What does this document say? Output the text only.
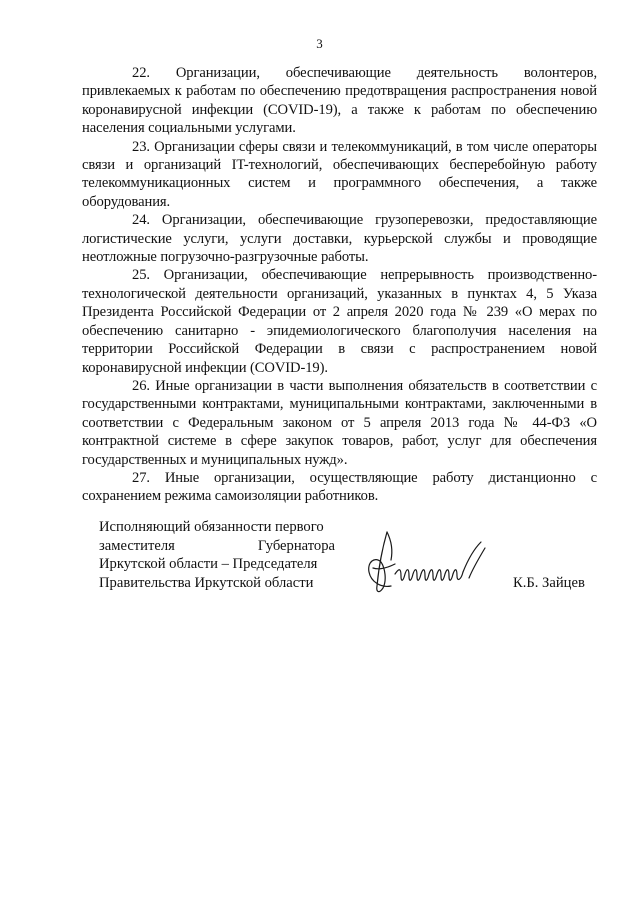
3

22. Организации, обеспечивающие деятельность волонтеров, привлекаемых к работам по обеспечению предотвращения распространения новой коронавирусной инфекции (COVID-19), а также к работам по обеспечению населения социальными услугами.

23. Организации сферы связи и телекоммуникаций, в том числе операторы связи и организаций IT-технологий, обеспечивающих бесперебойную работу телекоммуникационных систем и программного обеспечения, а также оборудования.

24. Организации, обеспечивающие грузоперевозки, предоставляющие логистические услуги, услуги доставки, курьерской службы и проводящие неотложные погрузочно-разгрузочные работы.

25. Организации, обеспечивающие непрерывность производственно-технологической деятельности организаций, указанных в пунктах 4, 5 Указа Президента Российской Федерации от 2 апреля 2020 года № 239 «О мерах по обеспечению санитарно - эпидемиологического благополучия населения на территории Российской Федерации в связи с распространением новой коронавирусной инфекции (COVID-19).

26. Иные организации в части выполнения обязательств в соответствии с государственными контрактами, муниципальными контрактами, заключенными в соответствии с Федеральным законом от 5 апреля 2013 года № 44-ФЗ «О контрактной системе в сфере закупок товаров, работ, услуг для обеспечения государственных и муниципальных нужд».

27. Иные организации, осуществляющие работу дистанционно с сохранением режима самоизоляции работников.

Исполняющий обязанности первого
заместителя Губернатора
Иркутской области – Председателя
Правительства Иркутской области	К.Б. Зайцев
